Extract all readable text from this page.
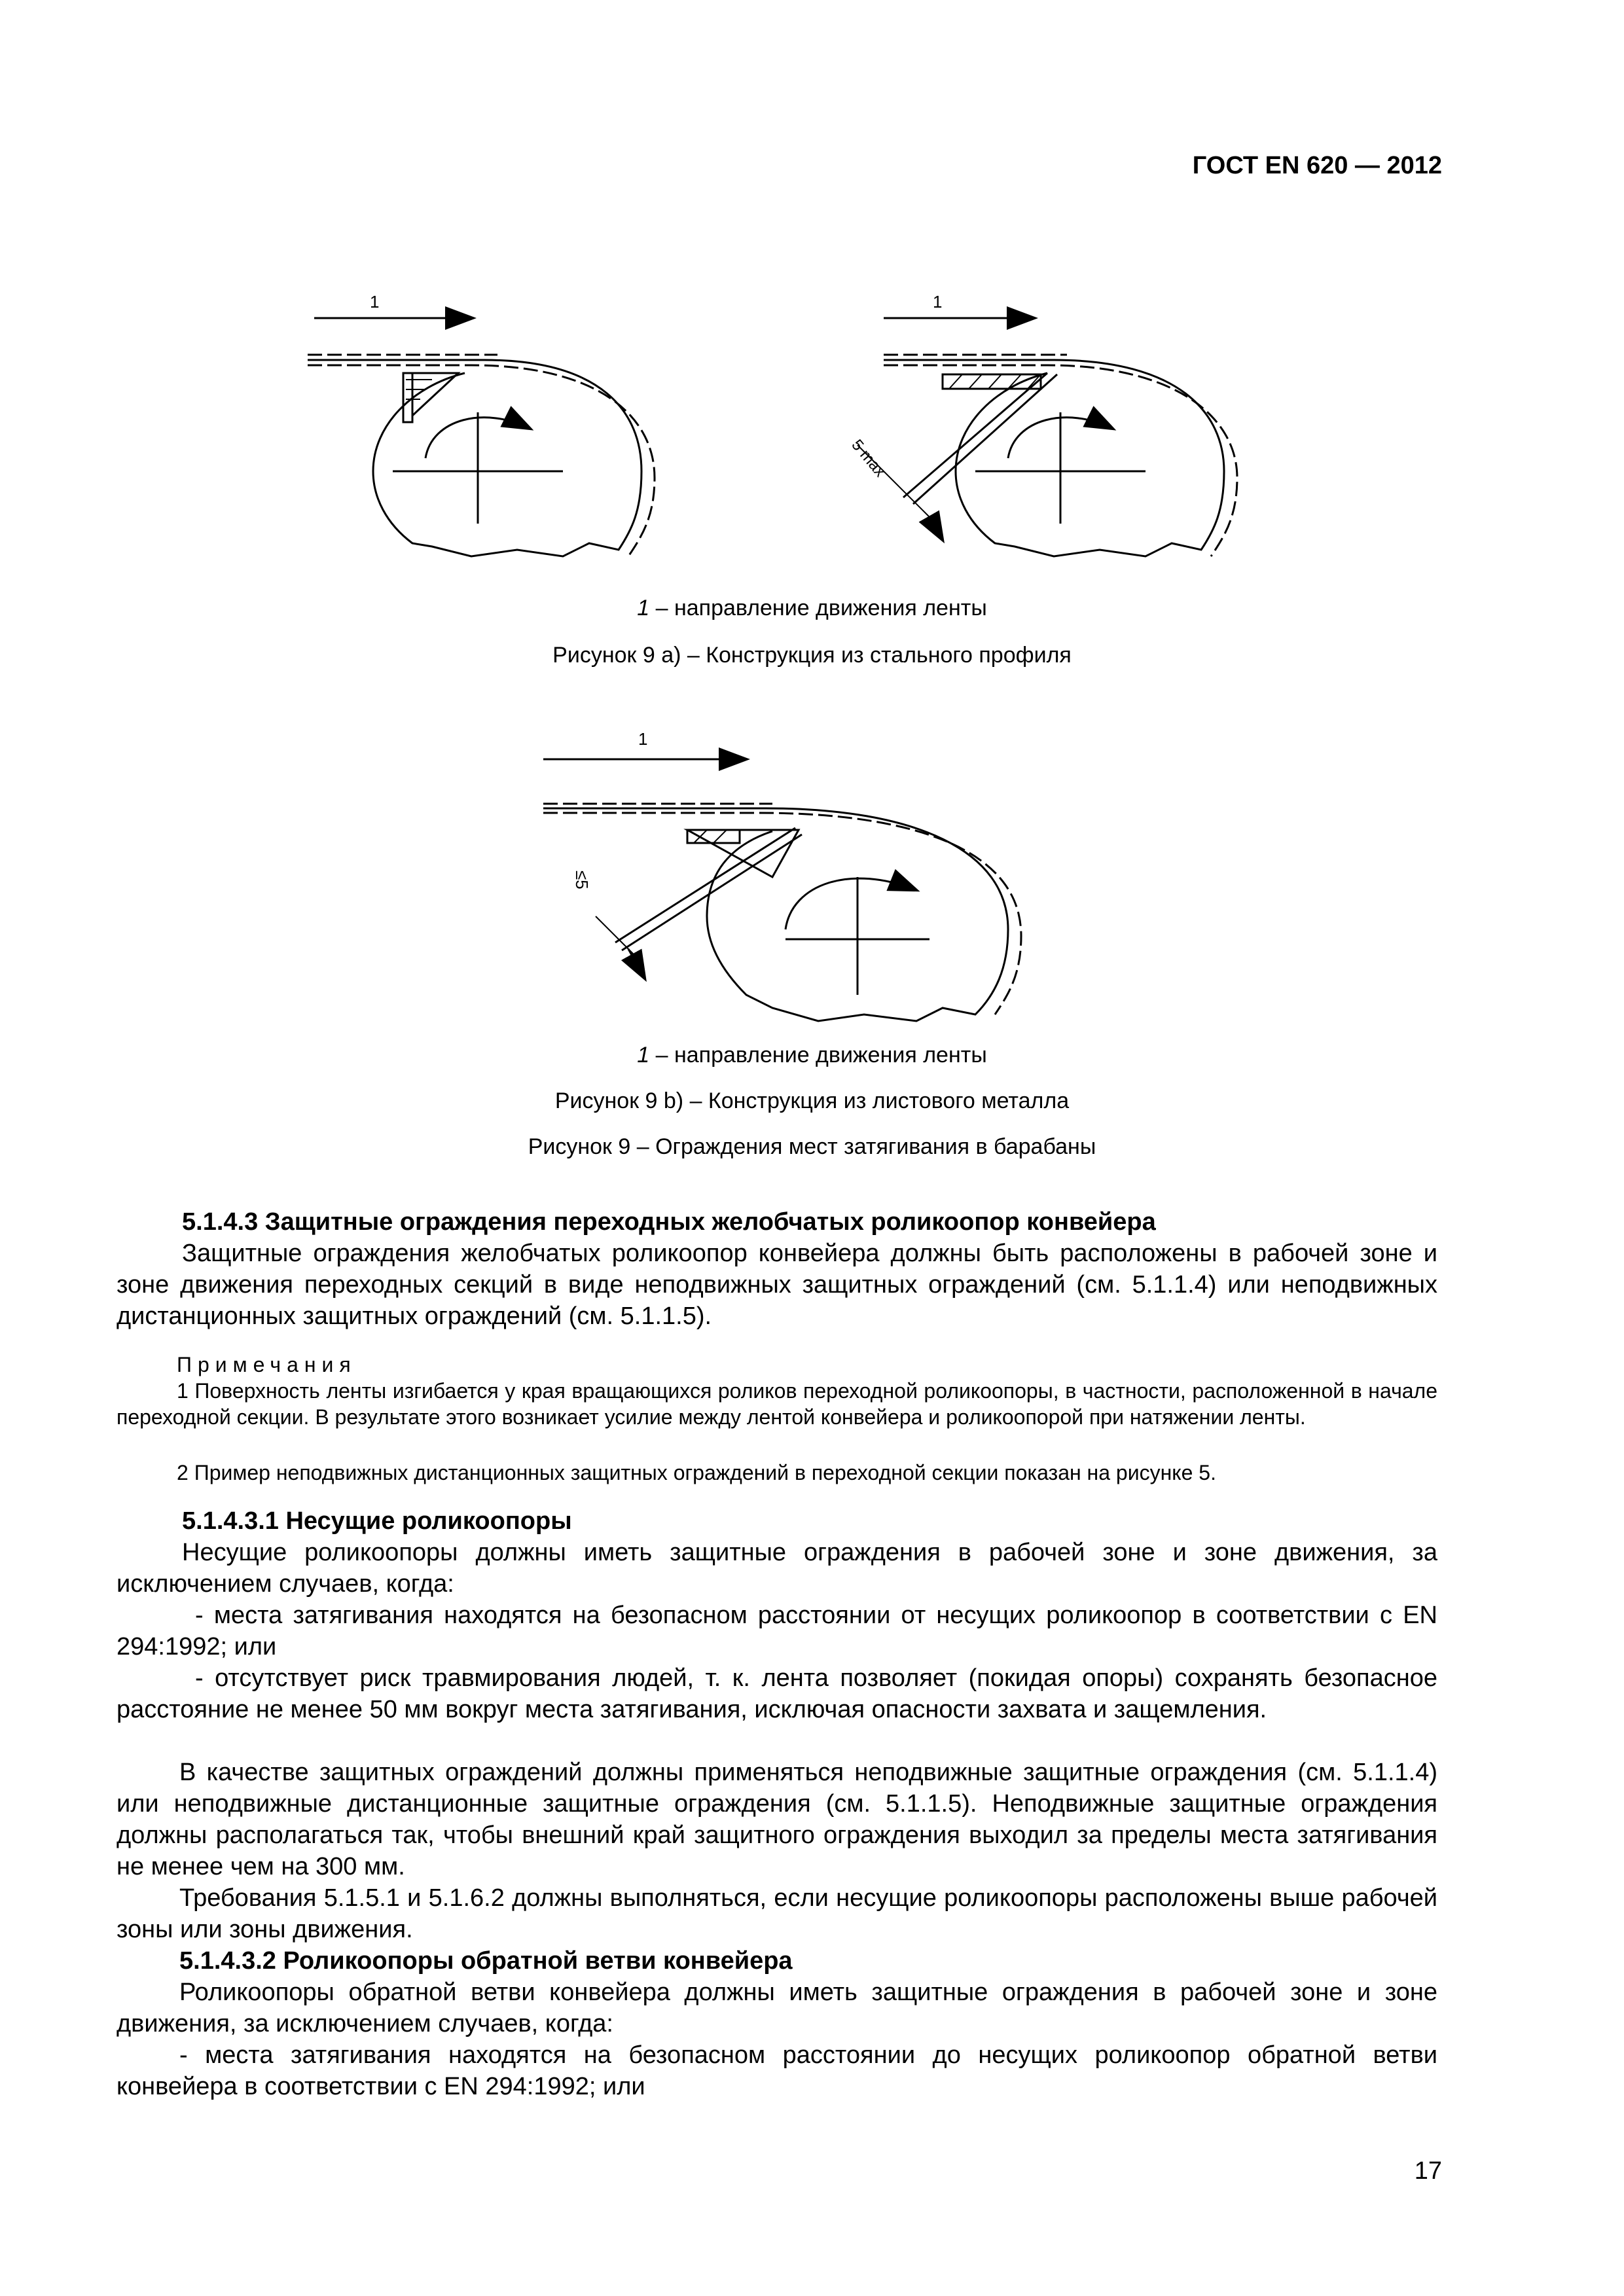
ГОСТ EN 620 — 2012
1	1
5 max
1 – направление движения ленты
Рисунок 9 а) – Конструкция из стального профиля
1
≤5
1 – направление движения ленты
Рисунок 9 b) – Конструкция из листового металла
Рисунок 9 – Ограждения мест затягивания в барабаны
5.1.4.3 Защитные ограждения переходных желобчатых роликоопор конвейера
Защитные ограждения желобчатых роликоопор конвейера должны быть расположены в рабочей зоне и зоне движения переходных секций в виде неподвижных защитных ограждений (см. 5.1.1.4) или неподвижных дистанционных защитных ограждений (см. 5.1.1.5).
Примечания
1 Поверхность ленты изгибается у края вращающихся роликов переходной роликоопоры, в частности, расположенной в начале переходной секции. В результате этого возникает усилие между лентой конвейера и роликоопорой при натяжении ленты.
2 Пример неподвижных дистанционных защитных ограждений в переходной секции показан на рисунке 5.
5.1.4.3.1 Несущие роликоопоры
Несущие роликоопоры должны иметь защитные ограждения в рабочей зоне и зоне движения, за исключением случаев, когда:
- места затягивания находятся на безопасном расстоянии от несущих роликоопор в соответствии с EN 294:1992; или
- отсутствует риск травмирования людей, т. к. лента позволяет (покидая опоры) сохранять безопасное расстояние не менее 50 мм вокруг места затягивания, исключая опасности захвата и защемления.
В качестве защитных ограждений должны применяться неподвижные защитные ограждения (см. 5.1.1.4) или неподвижные дистанционные защитные ограждения (см. 5.1.1.5). Неподвижные защитные ограждения должны располагаться так, чтобы внешний край защитного ограждения выходил за пределы места затягивания не менее чем на 300 мм.
Требования 5.1.5.1 и 5.1.6.2 должны выполняться, если несущие роликоопоры расположены выше рабочей зоны или зоны движения.
5.1.4.3.2 Роликоопоры обратной ветви конвейера
Роликоопоры обратной ветви конвейера должны иметь защитные ограждения в рабочей зоне и зоне движения, за исключением случаев, когда:
- места затягивания находятся на безопасном расстоянии до несущих роликоопор обратной ветви конвейера в соответствии с EN 294:1992; или
17
